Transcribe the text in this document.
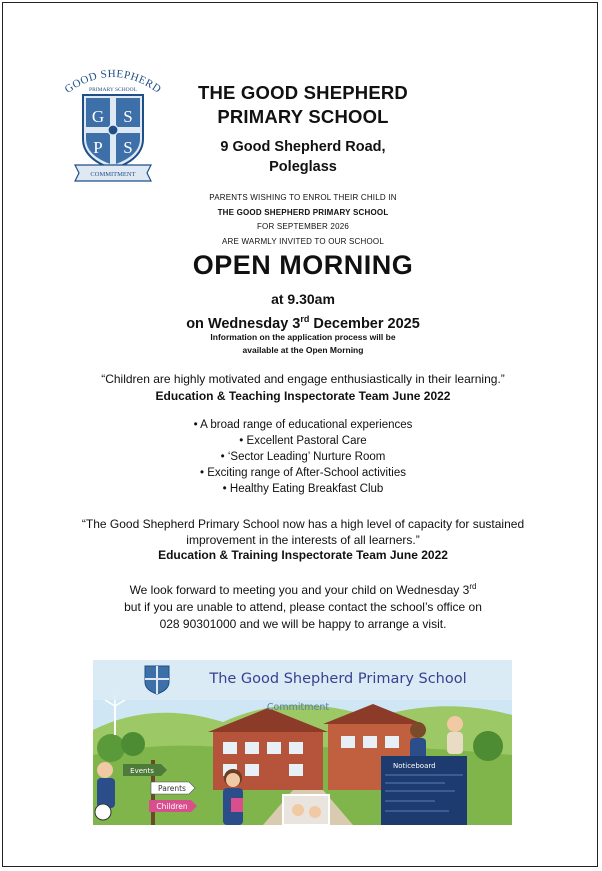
GOOD SHEPHERD
PRIMARY SCHOOL
G S
P S
COMMITMENT
THE GOOD SHEPHERD
PRIMARY SCHOOL
9 Good Shepherd Road,
Poleglass
PARENTS WISHING TO ENROL THEIR CHILD IN
THE GOOD SHEPHERD PRIMARY SCHOOL
FOR SEPTEMBER 2026
ARE WARMLY INVITED TO OUR SCHOOL
OPEN MORNING
at 9.30am
on Wednesday 3rd December 2025
Information on the application process will be
available at the Open Morning
“Children are highly motivated and engage enthusiastically in their learning.”
Education & Teaching Inspectorate Team June 2022
• A broad range of educational experiences
• Excellent Pastoral Care
• ‘Sector Leading’ Nurture Room
• Exciting range of After-School activities
• Healthy Eating Breakfast Club
“The Good Shepherd Primary School now has a high level of capacity for sustained
improvement in the interests of all learners.”
Education & Training Inspectorate Team June 2022
We look forward to meeting you and your child on Wednesday 3rd
but if you are unable to attend, please contact the school’s office on
028 90301000 and we will be happy to arrange a visit.
The Good Shepherd Primary School
Commitment
Events
Parents
Children
Noticeboard
